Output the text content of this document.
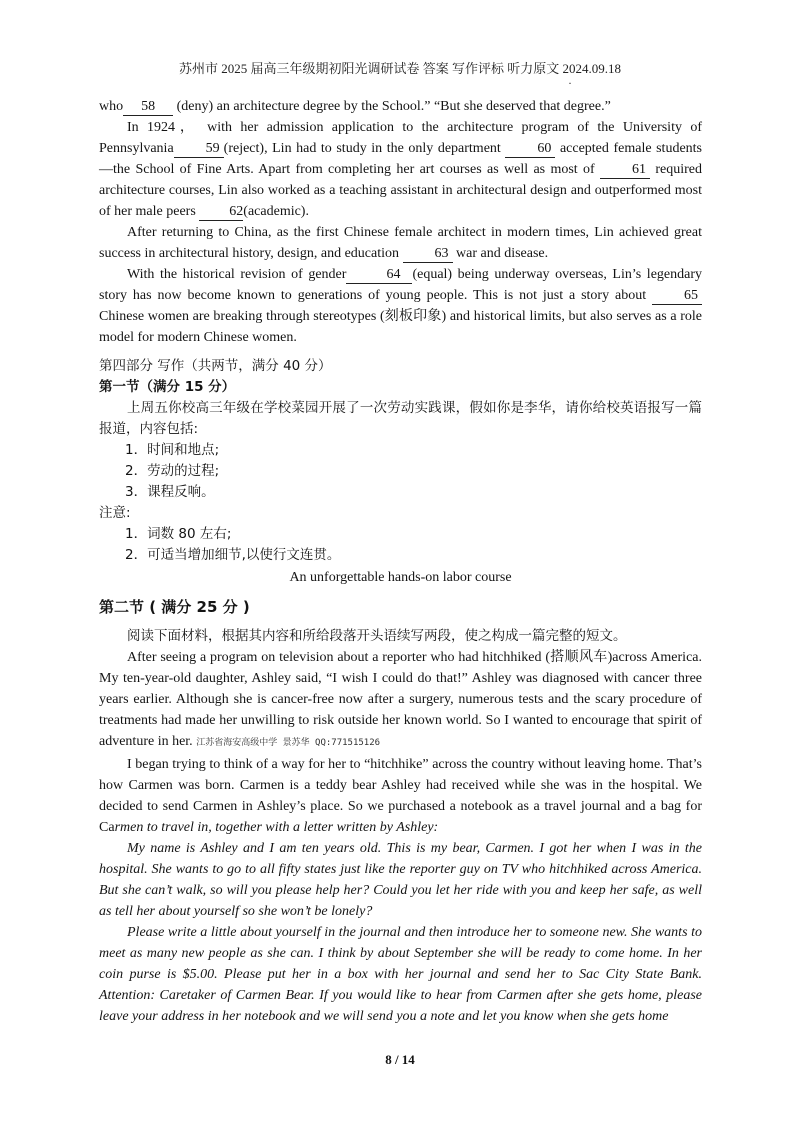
苏州市 2025 届高三年级期初阳光调研试卷 答案 写作评标 听力原文 2024.09.18
·

who 58 (deny) an architecture degree by the School.” “But she deserved that degree.”

In 1924， with her admission application to the architecture program of the University of Pennsylvania 59 (reject), Lin had to study in the only department	60 accepted female students—the School of Fine Arts. Apart from completing her art courses as well as most of	61 required architecture courses, Lin also worked as a teaching assistant in architectural design and outperformed most of her male peers 62(academic).

After returning to China, as the first Chinese female architect in modern times, Lin achieved great success in architectural history, design, and education	63 war and disease.

With the historical revision of gender	64 (equal) being underway overseas, Lin’s legendary story has now become known to generations of young people. This is not just a story about	65 Chinese women are breaking through stereotypes (刻板印象) and historical limits, but also serves as a role model for modern Chinese women.

第四部分 写作（共两节，满分 40 分）

第一节（满分 15 分）

上周五你校高三年级在学校菜园开展了一次劳动实践课，假如你是李华，请你给校英语报写一篇报道，内容包括:

1．时间和地点;

2．劳动的过程;

3．课程反响。

注意:

1．词数 80 左右;

2．可适当增加细节,以使行文连贯。

An unforgettable hands-on labor course

第二节 ( 满分 25 分 )

阅读下面材料，根据其内容和所给段落开头语续写两段，使之构成一篇完整的短文。

After seeing a program on television about a reporter who had hitchhiked (搭顺风车)across America. My ten-year-old daughter, Ashley said, “I wish I could do that!” Ashley was diagnosed with cancer three years earlier. Although she is cancer-free now after a surgery, numerous tests and the scary procedure of treatments had made her unwilling to risk outside her known world. So I wanted to encourage that spirit of adventure in her. 江苏省海安高级中学 景苏华 QQ:771515126

I began trying to think of a way for her to “hitchhike” across the country without leaving home. That’s how Carmen was born. Carmen is a teddy bear Ashley had received while she was in the hospital. We decided to send Carmen in Ashley’s place. So we purchased a notebook as a travel journal and a bag for Carmen to travel in, together with a letter written by Ashley:

My name is Ashley and I am ten years old. This is my bear, Carmen. I got her when I was in the hospital. She wants to go to all fifty states just like the reporter guy on TV who hitchhiked across America. But she can’t walk, so will you please help her? Could you let her ride with you and keep her safe, as well as tell her about yourself so she won’t be lonely?

Please write a little about yourself in the journal and then introduce her to someone new. She wants to meet as many new people as she can. I think by about September she will be ready to come home. In her coin purse is $5.00. Please put her in a box with her journal and send her to Sac City State Bank. Attention: Caretaker of Carmen Bear. If you would like to hear from Carmen after she gets home, please leave your address in her notebook and we will send you a note and let you know when she gets home

8 / 14
